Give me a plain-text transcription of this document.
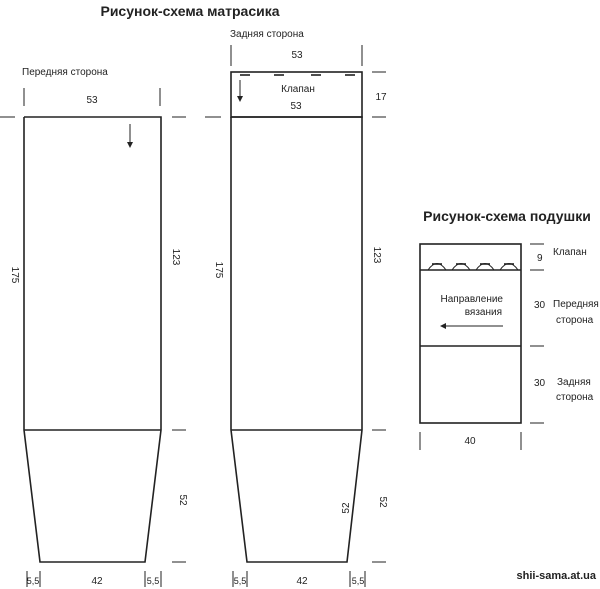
Рисунок-схема матрасика
Рисунок-схема подушки
Передняя сторона
53
175
123
52
5,5	42	5,5
Задняя сторона
53
Клапан
53
17
175
123
52
52
5,5	42	5,5
Направление
вязания
9
Клапан
30 Передняя
сторона
30 Задняя
сторона
40
shii-sama.at.ua
